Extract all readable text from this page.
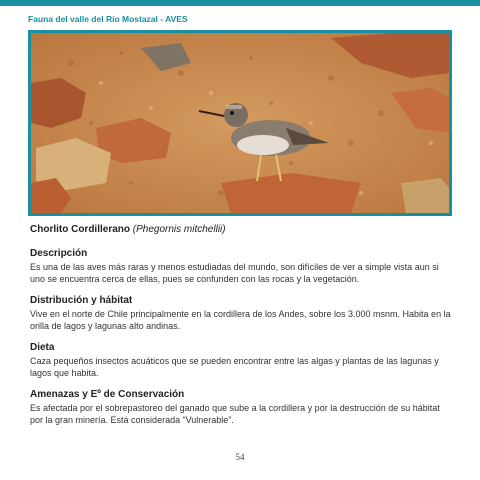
Fauna del valle del Río Mostazal - AVES
Chorlito Cordillerano (Phegornis mitchellii)
Descripción

Es una de las aves más raras y menos estudiadas del mundo, son difíciles de ver a simple vista aun si uno se encuentra cerca de ellas, pues se confunden con las rocas y la vegetación.

Distribución y hábitat

Vive en el norte de Chile principalmente en la cordillera de los Andes, sobre los 3.000 msnm. Habita en la orilla de lagos y lagunas alto andinas.

Dieta

Caza pequeños insectos acuáticos que se pueden encontrar entre las algas y plantas de las lagunas y lagos que habita.

Amenazas y Eº de Conservación

Es afectada por el sobrepastoreo del ganado que sube a la cordillera y por la destrucción de su hábitat por la gran minería. Está considerada “Vulnerable”.

54
